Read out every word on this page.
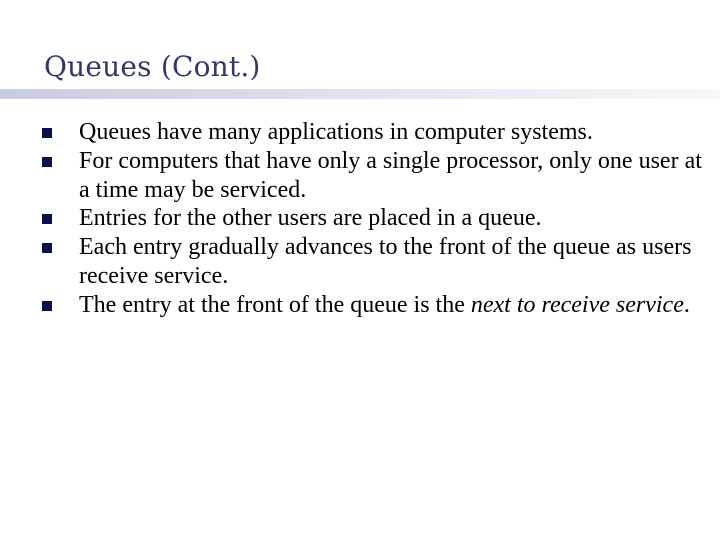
Queues (Cont.)
Queues have many applications in computer systems.
For computers that have only a single processor, only one user at a time may be serviced.
Entries for the other users are placed in a queue.
Each entry gradually advances to the front of the queue as users receive service.
The entry at the front of the queue is the next to receive service.
